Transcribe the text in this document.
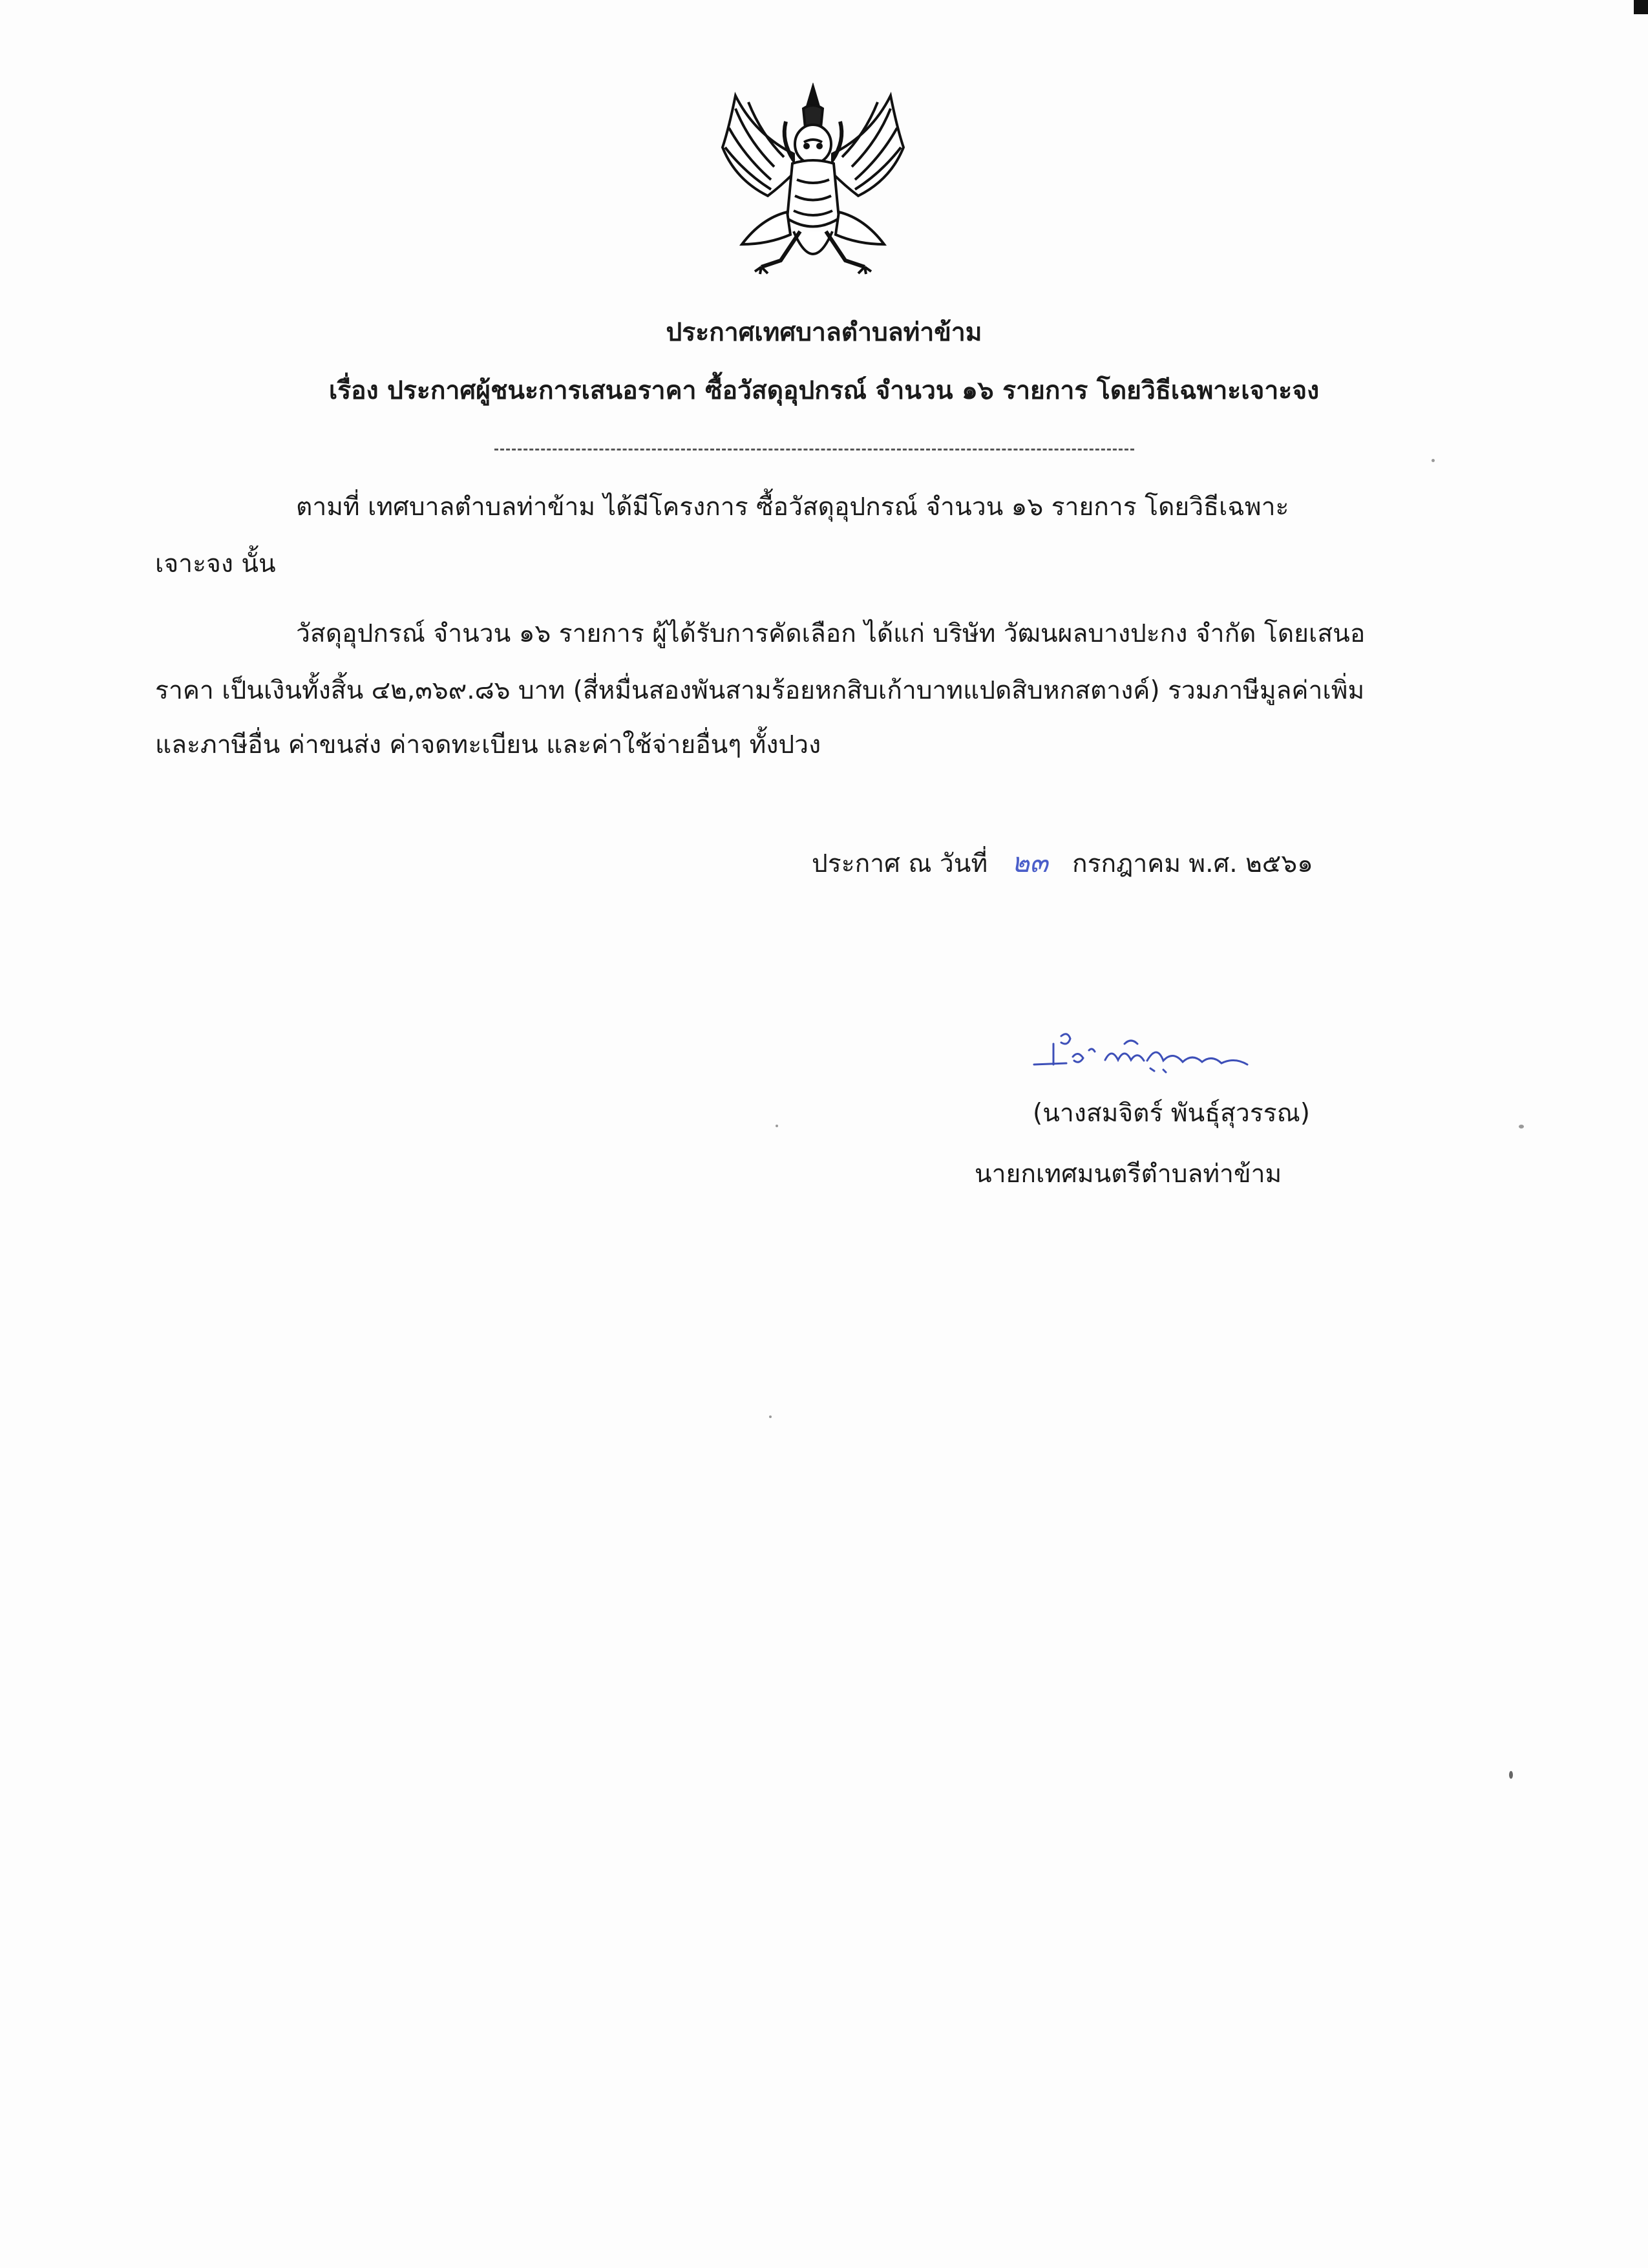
ประกาศเทศบาลตำบลท่าข้าม
เรื่อง ประกาศผู้ชนะการเสนอราคา ซื้อวัสดุอุปกรณ์ จำนวน ๑๖ รายการ โดยวิธีเฉพาะเจาะจง
ตามที่ เทศบาลตำบลท่าข้าม ได้มีโครงการ ซื้อวัสดุอุปกรณ์ จำนวน ๑๖ รายการ โดยวิธีเฉพาะ
เจาะจง นั้น
วัสดุอุปกรณ์ จำนวน ๑๖ รายการ ผู้ได้รับการคัดเลือก ได้แก่ บริษัท วัฒนผลบางปะกง จำกัด โดยเสนอ
ราคา เป็นเงินทั้งสิ้น ๔๒,๓๖๙.๘๖ บาท (สี่หมื่นสองพันสามร้อยหกสิบเก้าบาทแปดสิบหกสตางค์) รวมภาษีมูลค่าเพิ่ม
และภาษีอื่น ค่าขนส่ง ค่าจดทะเบียน และค่าใช้จ่ายอื่นๆ ทั้งปวง
ประกาศ ณ วันที่ ๒๓ กรกฎาคม พ.ศ. ๒๕๖๑
(นางสมจิตร์ พันธุ์สุวรรณ)
นายกเทศมนตรีตำบลท่าข้าม
